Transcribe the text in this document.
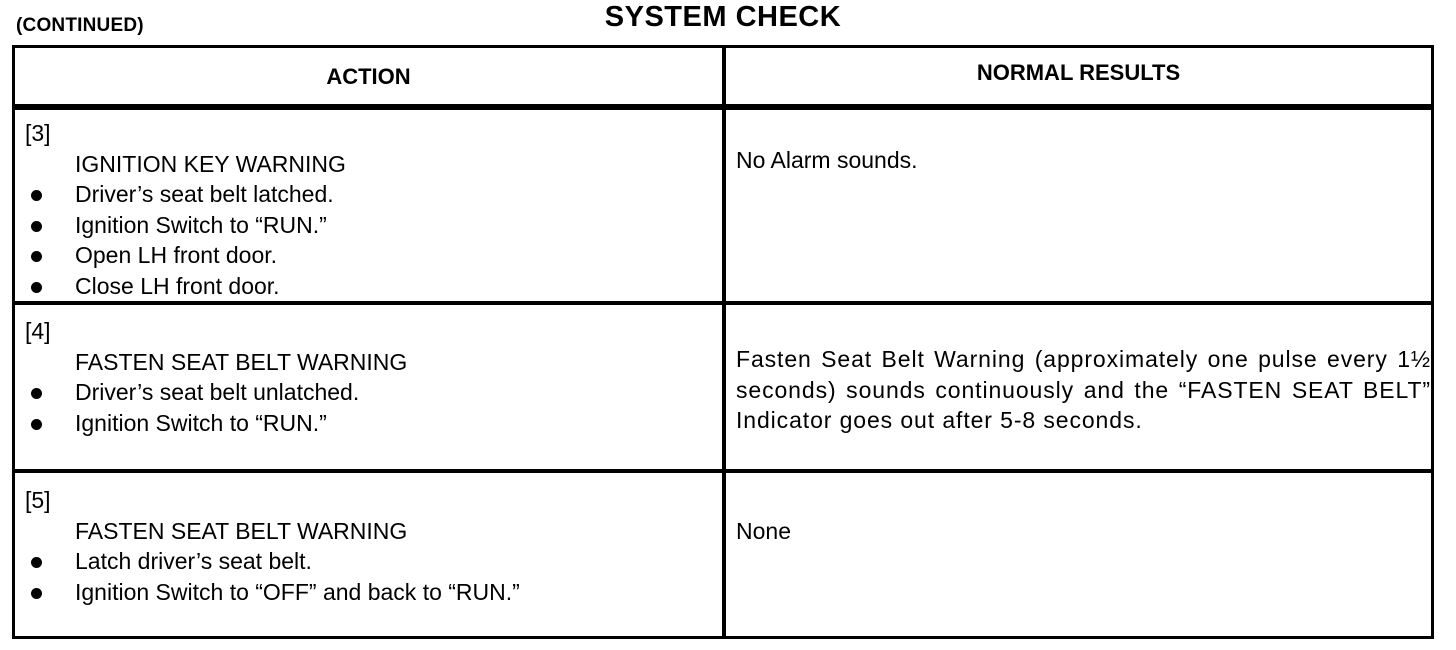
(CONTINUED)	SYSTEM CHECK
ACTION	NORMAL RESULTS
[3]
IGNITION KEY WARNING
Driver’s seat belt latched.
Ignition Switch to “RUN.”
Open LH front door.
Close LH front door.
No Alarm sounds.
[4]
FASTEN SEAT BELT WARNING
Driver’s seat belt unlatched.
Ignition Switch to “RUN.”
Fasten Seat Belt Warning (approximately one pulse every 1½ seconds) sounds continuously and the “FASTEN SEAT BELT” Indicator goes out after 5-8 seconds.
[5]
FASTEN SEAT BELT WARNING
Latch driver’s seat belt.
Ignition Switch to “OFF” and back to “RUN.”
None
